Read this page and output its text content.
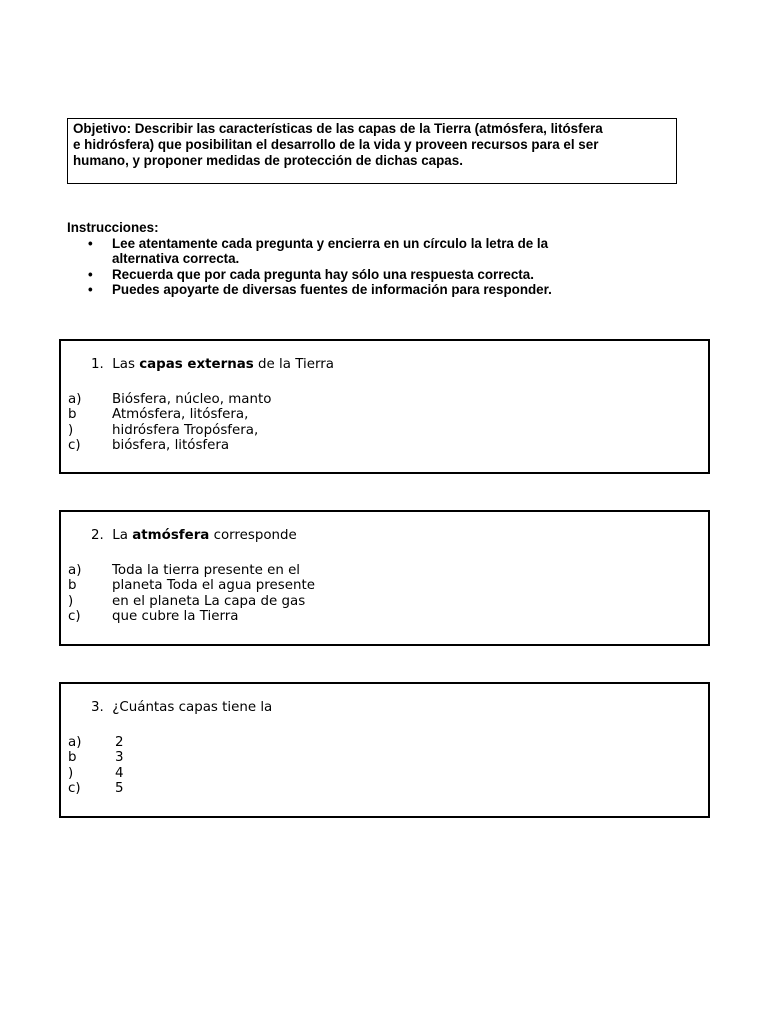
Objetivo: Describir las características de las capas de la Tierra (atmósfera, litósfera
e hidrósfera) que posibilitan el desarrollo de la vida y proveen recursos para el ser
humano, y proponer medidas de protección de dichas capas.
Instrucciones:
• Lee atentamente cada pregunta y encierra en un círculo la letra de la
alternativa correcta.
• Recuerda que por cada pregunta hay sólo una respuesta correcta.
• Puedes apoyarte de diversas fuentes de información para responder.
1. Las capas externas de la Tierra
a)
b
)
c)
Biósfera, núcleo, manto
Atmósfera, litósfera,
hidrósfera Tropósfera,
biósfera, litósfera
2. La atmósfera corresponde
a)
b
)
c)
Toda la tierra presente en el
planeta Toda el agua presente
en el planeta La capa de gas
que cubre la Tierra
3. ¿Cuántas capas tiene la
a)
b
)
c)
2
3
4
5
